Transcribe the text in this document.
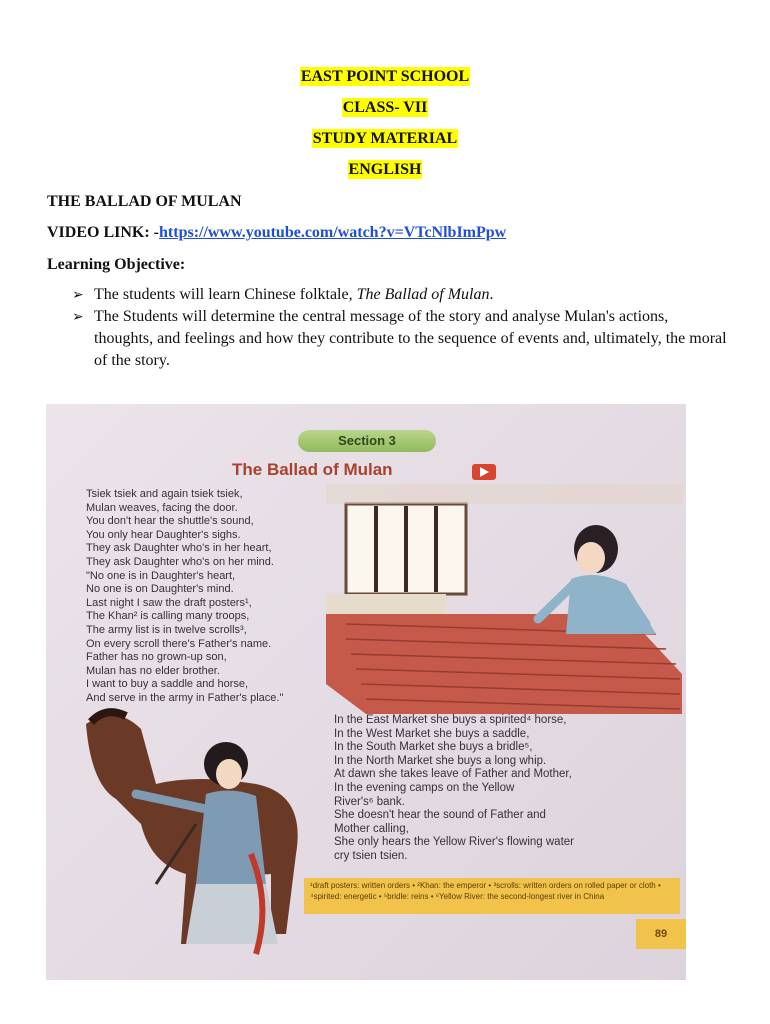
EAST POINT SCHOOL
CLASS- VII
STUDY MATERIAL
ENGLISH
THE BALLAD OF MULAN
VIDEO LINK: -https://www.youtube.com/watch?v=VTcNlbImPpw
Learning Objective:
➢ The students will learn Chinese folktale, The Ballad of Mulan.
➢ The Students will determine the central message of the story and analyse Mulan's actions, thoughts, and feelings and how they contribute to the sequence of events and, ultimately, the moral of the story.
Section 3
The Ballad of Mulan
Tsiek tsiek and again tsiek tsiek,
Mulan weaves, facing the door.
You don't hear the shuttle's sound,
You only hear Daughter's sighs.
They ask Daughter who's in her heart,
They ask Daughter who's on her mind.
"No one is in Daughter's heart,
No one is on Daughter's mind.
Last night I saw the draft posters¹,
The Khan² is calling many troops,
The army list is in twelve scrolls³,
On every scroll there's Father's name.
Father has no grown-up son,
Mulan has no elder brother.
I want to buy a saddle and horse,
And serve in the army in Father's place."
In the East Market she buys a spirited⁴ horse,
In the West Market she buys a saddle,
In the South Market she buys a bridle⁵,
In the North Market she buys a long whip.
At dawn she takes leave of Father and Mother,
In the evening camps on the Yellow
River's⁶ bank.
She doesn't hear the sound of Father and
Mother calling,
She only hears the Yellow River's flowing water
cry tsien tsien.
¹draft posters: written orders • ²Khan: the emperor • ³scrolls: written orders on rolled paper or cloth • ⁴spirited: energetic • ⁵bridle: reins • ⁶Yellow River: the second-longest river in China
89
